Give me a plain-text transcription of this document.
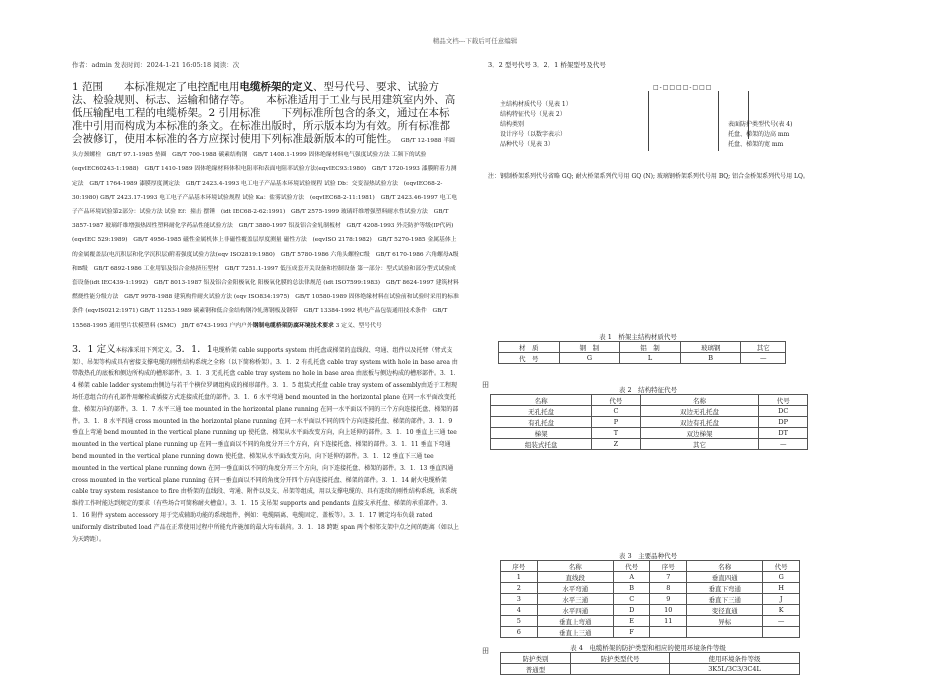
精品文档---下载后可任意编辑
作者：admin 发表时间：2024-1-21 16:05:18 阅读：次
1 范围　　本标准规定了电控配电用电缆桥架的定义、型号代号、要求、试验方法、检验规则、标志、运输和储存等。　　本标准适用于工业与民用建筑室内外、高低压输配电工程的电缆桥架。2 引用标准　　下列标准所包含的条文，通过在本标准中引用而构成为本标准的条文。在标准出版时，所示版本均为有效。所有标准都会被修订，使用本标准的各方应探讨使用下列标准最新版本的可能性。 GB/T 12-1988 半圆头方颈螺栓　GB/T 97.1-1985 垫圈　GB/T 700-1988 碳素结构钢　GB/T 1408.1-1999 固体绝缘材料电气强度试验方法 工频下的试验(eqvIEC60243-1:1988)　GB/T 1410-1989 固体绝缘材料体积电阻率和表面电阻率试验方法(eqvIEC93:1980)　GB/T 1720-1993 漆膜附着力测定法　GB/T 1764-1989 漆膜厚度测定法　GB/T 2423.4-1993 电工电子产品基本环境试验规程 试验 Db：交变湿热试验方法　(eqvIEC68-2-30:1980) GB/T 2423.17-1993 电工电子产品基本环境试验规程 试验 Ka：盐雾试验方法　(eqvIEC68-2-11:1981)　GB/T 2423.46-1997 电工电子产品环境试验第2部分：试验方法 试验 Ef：撞击 摆锤　(idt IEC68-2-62:1991)　GB/T 2575-1999 玻璃纤维增强塑料耐水性试验方法　GB/T 3857-1987 玻璃纤维增强热固性塑料耐化学药品性能试验方法　GB/T 3880-1997 铝及铝合金轧制板材　GB/T 4208-1993 外壳防护等级(IP代码)(eqvIEC 529:1989)　GB/T 4956-1985 磁性金属机体上非磁性覆盖层厚度测量 磁性方法　(eqvISO 2178:1982)　GB/T 5270-1985 金属基体上的金属覆盖层(电沉积层和化学沉积层)附着强度试验方法(eqv ISO2819:1980)　GB/T 5780-1986 六角头螺栓C级　GB/T 6170-1986 六角螺母A级和B级　GB/T 6892-1986 工业用铝及铝合金热挤压型材　GB/T 7251.1-1997 低压成套开关设备和控制设备 第一部分：型式试验和部分型式试验成套设备(idt IEC439-1:1992)　GB/T 8013-1987 铝及铝合金阳极氧化 阳极氧化膜的总法律规范 (idt ISO7599:1983)　GB/T 8624-1997 建筑材料燃烧性能分级方法　GB/T 9978-1988 建筑构件耐火试验方法 (eqv ISO834:1975)　GB/T 10580-1989 固体绝缘材料在试验前和试验时采用的标准条件 (eqvIS0212:1971) GB/T 11253-1989 碳素钢和低合金结构钢冷轧薄钢板及钢带　GB/T 13384-1992 机电产品包装通用技术条件　GB/T 15568-1995 通用型片状模塑料 (SMC)　JB/T 6743-1993 户内户外钢制电缆桥架防腐环境技术要求 3 定义、型号代号
3．1 定义本标准采用下列定义。3．1．1电缆桥架 cable supports system 由托盘或梯架的直线段、弯通、组件以及托臂（臂式支架）、吊架等构成具有密接支撑电缆的刚性结构系统之全称（以下简称桥架）。3．1．2 有孔托盘 cable tray system with hole in base area 由带散热孔的底板和侧边所构成的槽形部件。3．1．3 无孔托盘 cable tray system no hole in base area 由底板与侧边构成的槽形部件。3．1．4 梯架 cable ladder system由侧边与若干个横位罗调组构成的梯形部件。3．1．5 组装式托盘 cable tray system of assembly由适于工程现场任意组合的有孔部件用螺栓或插接方式连接成托盘的部件。3．1．6 水平弯通 bend mounted in the horizontal plane 在同一水平面改变托盘、梯架方向的部件。3．1．7 水平三通 tee mounted in the horizontal plane running 在同一水平面以不同的三个方向连接托盘、梯架的部件。3．1．8 水平四通 cross mounted in the horizontal plane running 在同一水平面以不同的四个方向连接托盘、梯架的部件。3．1．9 垂直上弯通 bend mounted in the vertical plane running up 使托盘、梯架从水平面改变方向，向上延伸的部件。3．1．10 垂直上三通 tee mounted in the vertical plane running up 在同一垂直面以不同的角度分开三个方向，向下连接托盘、梯架的部件。3．1．11 垂直下弯通 bend mounted in the vertical plane running down 使托盘、梯架从水平面改变方向，向下延伸的部件。3．1．12 垂直下三通 tee mounted in the vertical plane running down 在同一垂直面以不同的角度分开三个方向，向下连接托盘、梯架的部件。3．1．13 垂直四通 cross mounted in the vertical plane running 在同一垂直面以不同的角度分开四个方向连接托盘、梯架的部件。3．1．14 耐火电缆桥架 cable tray system resistance to fire 由桥架的直线段、弯通、附件以及支、吊架等组成，用以支撑电缆的、具有连续的刚性结构系统，该系统维持工作时能达到规定的要求（有些场合可简称耐火槽盒）。3．1．15 支吊架 supports and pendants 直接支承托盘、梯架的承重部件。3．1．16 附件 system accessory 用于完成辅助功能的系统组件，例如：电缆隔离、电缆固定、盖板等）。3．1．17 额定均布负载 rated uniformly distributed load 产品在正常使用过程中所能允许施加的最大均布载荷。3．1．18 跨距 span 两个相邻支架中点之间的距离（如以上为天跨距）。
3．2 型号代号 3．2．1 桥架型号及代号
□-□□□□-□□□
主结构材质代号（见表 1）
结构特征代号（见表 2）
结构类别
设计序号（以数字表示）
品种代号（见表 3）
表面防护类型代号(表 4)
托盘、梯架的边高 mm
托盘、梯架的宽 mm
注：钢制桥架系列代号省略 GQ; 耐火桥架系列代号用 GQ (N); 玻璃钢桥架系列代号用 BQ; 铝合金桥架系列代号用 LQ。
表 1　桥架主结构材质代号
材　质	钢　制	铝　制	玻璃钢	其它
代　号	G	L	B	—
田
表 2　结构特征代号
名称	代号	名称	代号
无孔托盘	C	双边无孔托盘	DC
有孔托盘	P	双边有孔托盘	DP
梯架	T	双边梯架	DT
组装式托盘	Z	其它	—
表 3　主要品种代号
序号	名称	代号	序号	名称	代号
1	直线段	A	7	垂直四通	G
2	水平弯通	B	8	垂直下弯通	H
3	水平三通	C	9	垂直下三通	J
4	水平四通	D	10	变径直通	K
5	垂直上弯通	E	11	异标	—
6	垂直上三通	F			
田	表 4　电缆桥架的防护类型和相应的使用环境条件等级
防护类别	防护类型代号	使用环境条件等级
普通型		3K5L/3C3/3C4L
